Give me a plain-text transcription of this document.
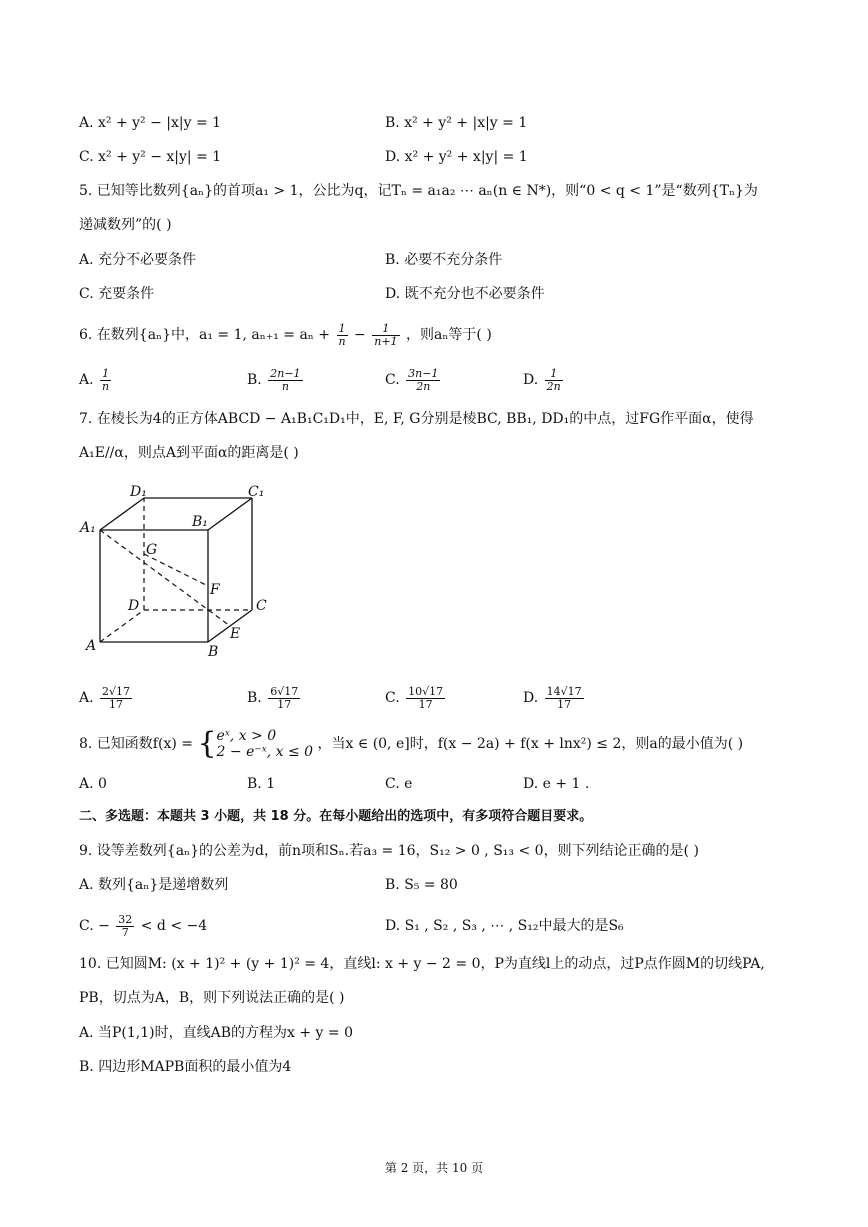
A. x² + y² − |x|y = 1	B. x² + y² + |x|y = 1
C. x² + y² − x|y| = 1	D. x² + y² + x|y| = 1
5. 已知等比数列{aₙ}的首项a₁ > 1，公比为q，记Tₙ = a₁a₂ ⋯ aₙ(n ∈ N*)，则“0 < q < 1”是“数列{Tₙ}为
递减数列”的( )
A. 充分不必要条件	B. 必要不充分条件
C. 充要条件	D. 既不充分也不必要条件
6. 在数列{aₙ}中，a₁ = 1, $a_{n+1} = a_n + \frac{1}{n} - \frac{1}{n+1}$ ，则aₙ等于( )
A. $\frac{1}{n}$	B. $\frac{2n-1}{n}$	C. $\frac{3n-1}{2n}$	D. $\frac{1}{2n}$
7. 在棱长为4的正方体ABCD − A₁B₁C₁D₁中，E, F, G分别是棱BC, BB₁, DD₁的中点，过FG作平面α，使得
A₁E//α，则点A到平面α的距离是( )
D₁	C₁
A₁	B₁
G
F
D	C
A	B
E
A. $\frac{2√17}{17}$	B. $\frac{6√17}{17}$	C. $\frac{10√17}{17}$	D. $\frac{14√17}{17}$
8. 已知函数f(x) = { eˣ, x > 0
2 − e⁻ˣ, x ≤ 0 ，当x ∈ (0, e]时，f(x − 2a) + f(x + lnx²) ≤ 2，则a的最小值为( )
A. 0	B. 1	C. e	D. e + 1 .
二、多选题：本题共 3 小题，共 18 分。在每小题给出的选项中，有多项符合题目要求。
9. 设等差数列{aₙ}的公差为d，前n项和Sₙ.若a₃ = 16，S₁₂ > 0 , S₁₃ < 0，则下列结论正确的是( )
A. 数列{aₙ}是递增数列	B. S₅ = 80
C. − $\frac{32}{7} < d < -4$	D. S₁ , S₂ , S₃ , ⋯ , S₁₂中最大的是S₆
10. 已知圆M: (x + 1)² + (y + 1)² = 4，直线l: x + y − 2 = 0，P为直线l上的动点，过P点作圆M的切线PA,
PB，切点为A，B，则下列说法正确的是( )
A. 当P(1,1)时，直线AB的方程为x + y = 0
B. 四边形MAPB面积的最小值为4
第 2 页，共 10 页
